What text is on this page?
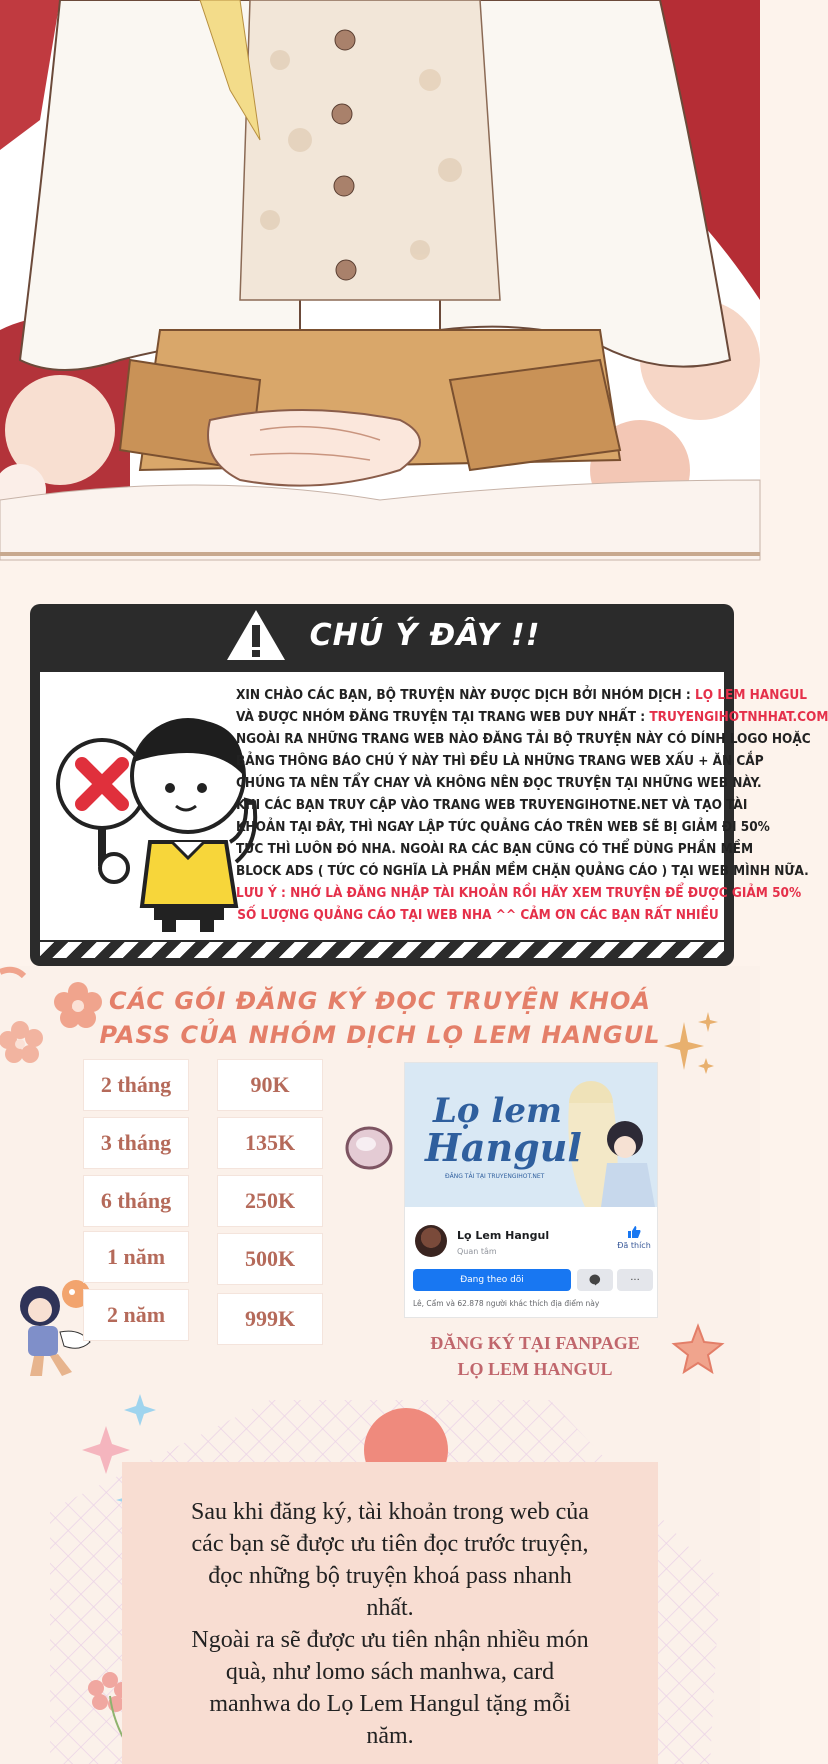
CHÚ Ý ĐÂY !!
XIN CHÀO CÁC BẠN, BỘ TRUYỆN NÀY ĐƯỢC DỊCH BỞI NHÓM DỊCH : LỌ LEM HANGUL
VÀ ĐƯỢC NHÓM ĐĂNG TRUYỆN TẠI TRANG WEB DUY NHẤT : TRUYENGIHOTNHHAT.COM
NGOÀI RA NHỮNG TRANG WEB NÀO ĐĂNG TẢI BỘ TRUYỆN NÀY CÓ DÍNH LOGO HOẶC
BẢNG THÔNG BÁO CHÚ Ý NÀY THÌ ĐỀU LÀ NHỮNG TRANG WEB XẤU + ĂN CẮP
CHÚNG TA NÊN TẨY CHAY VÀ KHÔNG NÊN ĐỌC TRUYỆN TẠI NHỮNG WEB NÀY.
KHI CÁC BẠN TRUY CẬP VÀO TRANG WEB TRUYENGIHOTNE.NET VÀ TẠO TÀI
KHOẢN TẠI ĐÂY, THÌ NGAY LẬP TỨC QUẢNG CÁO TRÊN WEB SẼ BỊ GIẢM ĐI 50%
TỨC THÌ LUÔN ĐÓ NHA. NGOÀI RA CÁC BẠN CŨNG CÓ THỂ DÙNG PHẦN MỀM
BLOCK ADS ( TỨC CÓ NGHĨA LÀ PHẦN MỀM CHẶN QUẢNG CÁO ) TẠI WEB MÌNH NỮA.
LƯU Ý : NHỚ LÀ ĐĂNG NHẬP TÀI KHOẢN RỒI HÃY XEM TRUYỆN ĐỂ ĐƯỢC GIẢM 50%
SỐ LƯỢNG QUẢNG CÁO TẠI WEB NHA ^^ CẢM ƠN CÁC BẠN RẤT NHIỀU
CÁC GÓI ĐĂNG KÝ ĐỌC TRUYỆN KHOÁ
PASS CỦA NHÓM DỊCH LỌ LEM HANGUL
2 tháng	90K
3 tháng	135K
6 tháng	250K
1 năm	500K
2 năm	999K
Lọ lem
Hangul
ĐĂNG TẢI TẠI TRUYENGIHOT.NET
Lọ Lem Hangul
Quan tâm
Đã thích
Đang theo dõi	···
Lê, Cẩm và 62.878 người khác thích địa điểm này
ĐĂNG KÝ TẠI FANPAGE
LỌ LEM HANGUL
Sau khi đăng ký, tài khoản trong web của
các bạn sẽ được ưu tiên đọc trước truyện,
đọc những bộ truyện khoá pass nhanh
nhất.
Ngoài ra sẽ được ưu tiên nhận nhiều món
quà, như lomo sách manhwa, card
manhwa do Lọ Lem Hangul tặng mỗi
năm.
